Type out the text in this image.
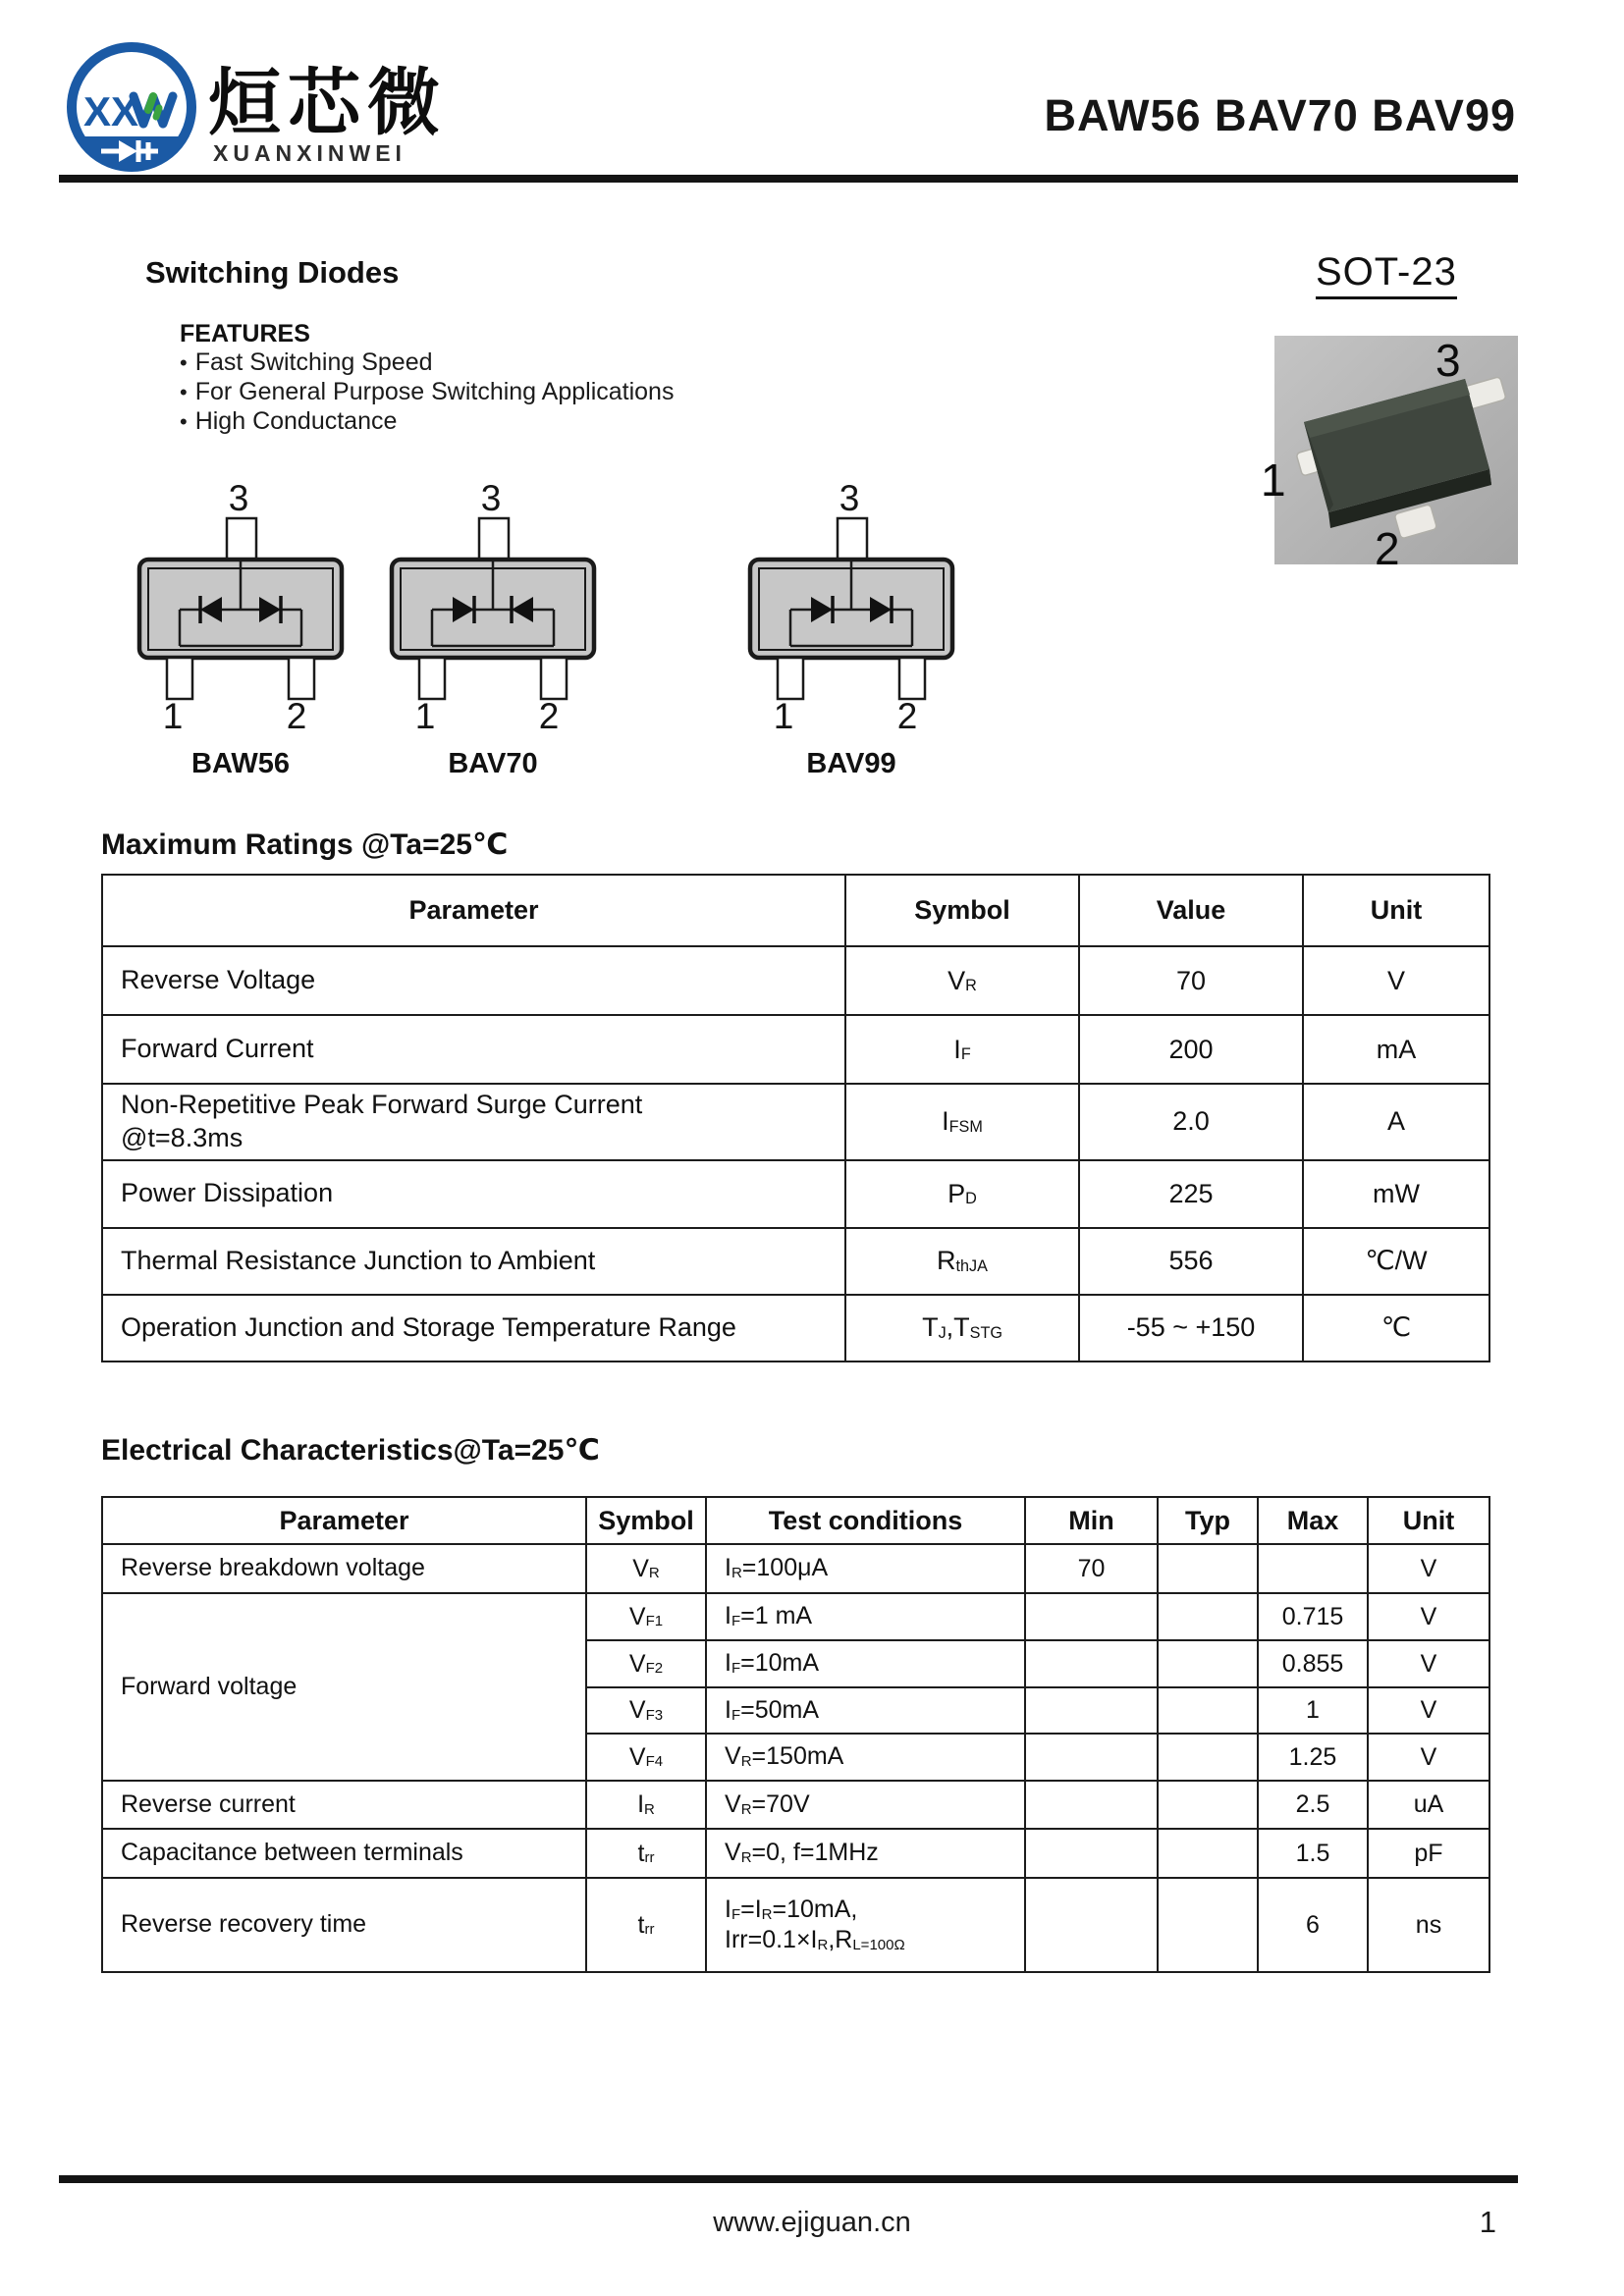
XX 烜芯微
XUANXINWEI
BAW56 BAV70 BAV99
Switching Diodes	SOT-23
FEATURES
• Fast Switching Speed
• For General Purpose Switching Applications
• High Conductance
3
1
2
3
1	2
3
1	2
3
1	2
BAW56	BAV70	BAV99
Maximum Ratings @Ta=25℃
Parameter	Symbol	Value	Unit
Reverse Voltage	$V_R$	70	V
Forward Current	$I_F$	200	mA
Non-Repetitive Peak Forward Surge Current
@t=8.3ms	$I_{FSM}$	2.0	A
Power Dissipation	$P_D$	225	mW
Thermal Resistance Junction to Ambient	$R_{thJA}$	556	℃/W
Operation Junction and Storage Temperature Range	$T_J,T_{STG}$	-55 ~ +150	℃
Electrical Characteristics@Ta=25℃
Parameter	Symbol	Test conditions	Min	Typ	Max	Unit
Reverse breakdown voltage	$V_R$	$I_R=100\mu A$	70			V
Forward voltage	$V_{F1}$	$I_F=1$ mA			0.715	V
	$V_{F2}$	$I_F=10mA$			0.855	V
	$V_{F3}$	$I_F=50mA$			1	V
	$V_{F4}$	$V_R=150mA$			1.25	V
Reverse current	$I_R$	$V_R=70V$			2.5	uA
Capacitance between terminals	$t_{rr}$	$V_R=0$, f=1MHz			1.5	pF
Reverse recovery time	$t_{rr}$	$I_F=I_R=10mA$,
$Irr=0.1\times I_R,R_{L=100\Omega}$			6	ns
www.ejiguan.cn	1
